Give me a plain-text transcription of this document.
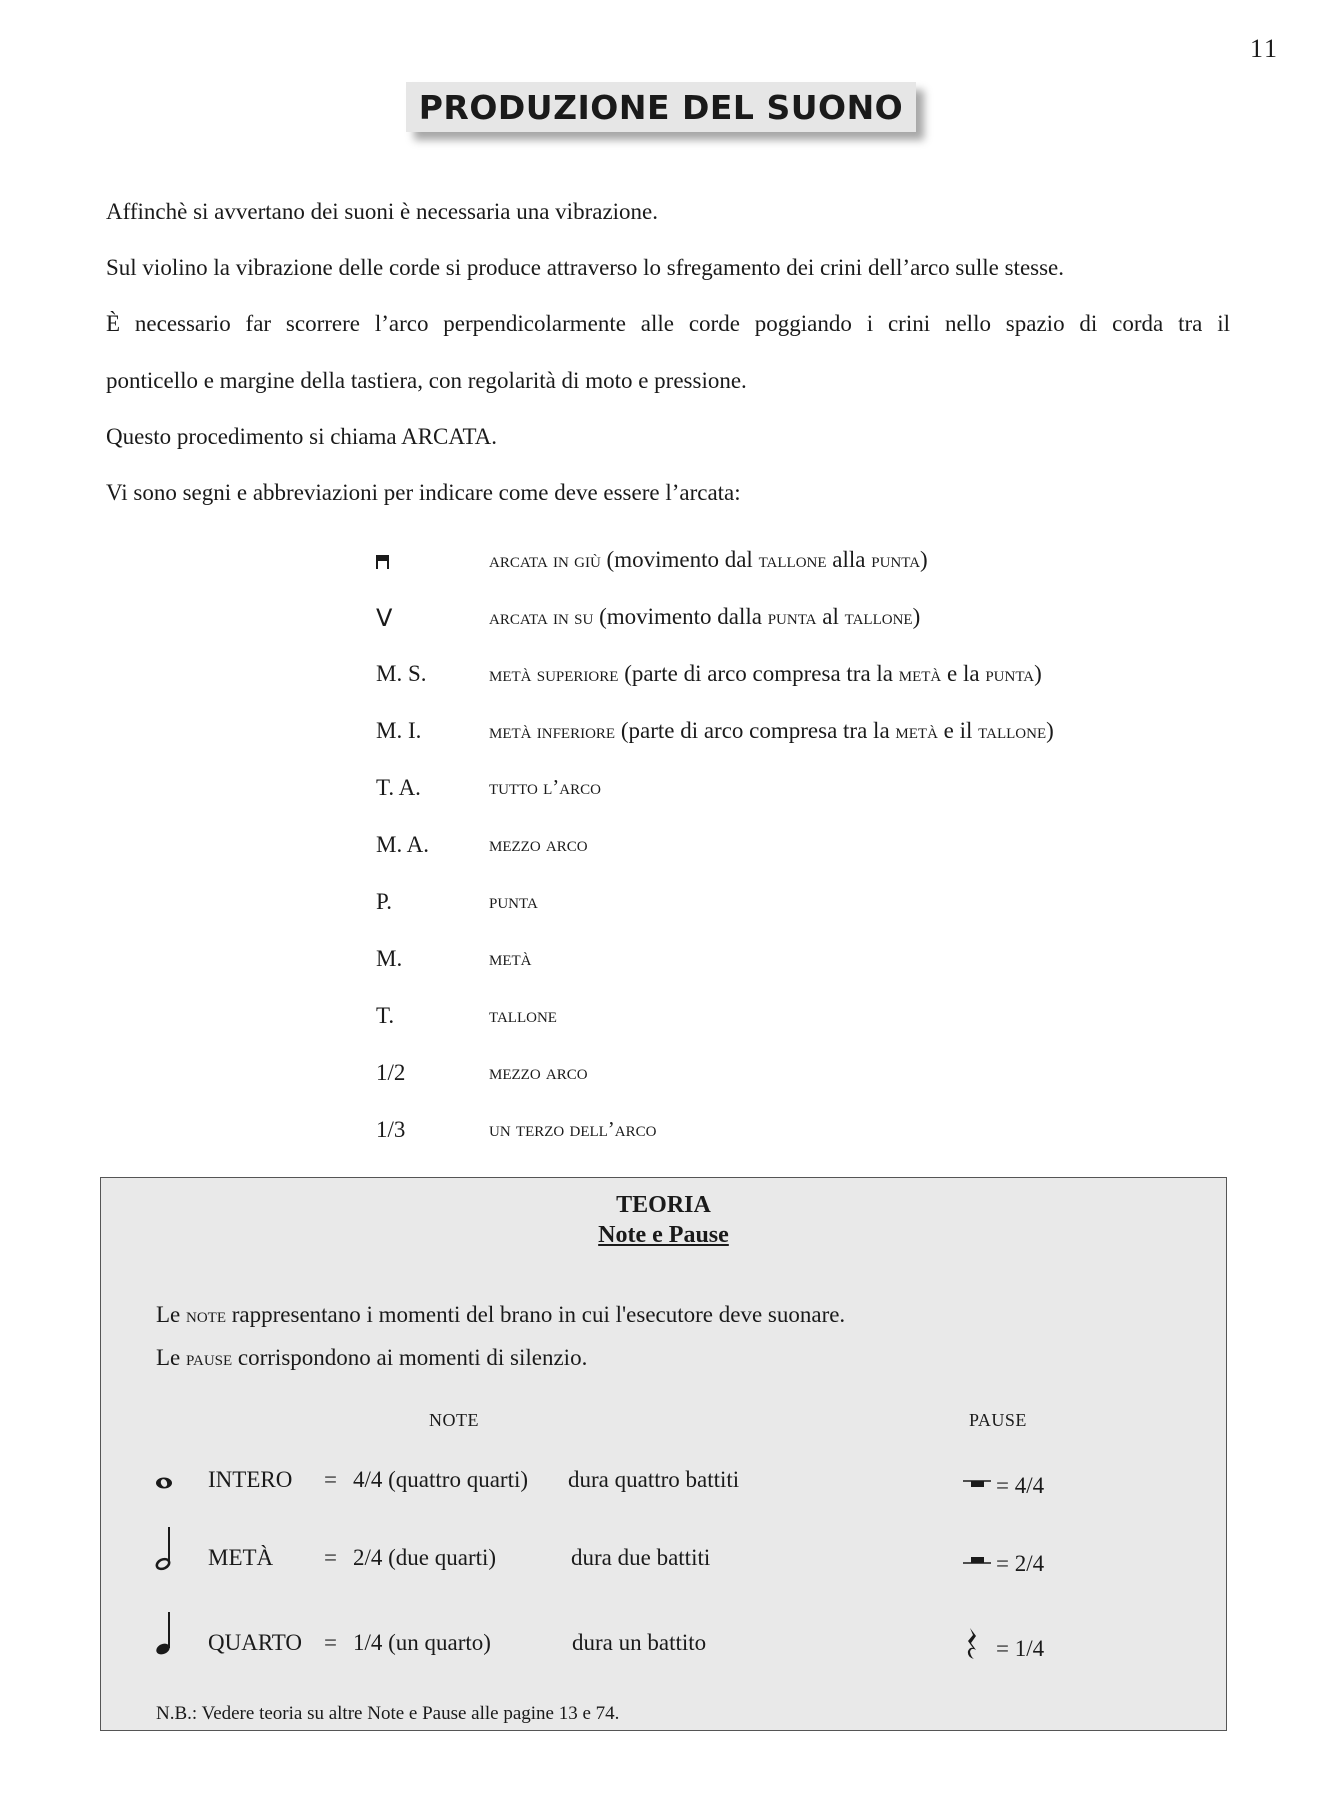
11
PRODUZIONE DEL SUONO
Affinchè si avvertano dei suoni è necessaria una vibrazione.
Sul violino la vibrazione delle corde si produce attraverso lo sfregamento dei crini dell’arco sulle stesse.
È necessario far scorrere l’arco perpendicolarmente alle corde poggiando i crini nello spazio di corda tra il
ponticello e margine della tastiera, con regolarità di moto e pressione.
Questo procedimento si chiama ARCATA.
Vi sono segni e abbreviazioni per indicare come deve essere l’arcata:
arcata in giù (movimento dal tallone alla punta)
V	arcata in su (movimento dalla punta al tallone)
M. S.	metà superiore (parte di arco compresa tra la metà e la punta)
M. I.	metà inferiore (parte di arco compresa tra la metà e il tallone)
T. A.	tutto l’arco
M. A.	mezzo arco
P.	punta
M.	metà
T.	tallone
1/2	mezzo arco
1/3	un terzo dell’arco
TEORIA
Note e Pause
Le note rappresentano i momenti del brano in cui l'esecutore deve suonare.
Le pause corrispondono ai momenti di silenzio.
NOTE	PAUSE
INTERO = 4/4 (quattro quarti) dura quattro battiti	= 4/4
METÀ = 2/4 (due quarti)	dura due battiti	= 2/4
QUARTO = 1/4 (un quarto)	dura un battito	= 1/4
N.B.: Vedere teoria su altre Note e Pause alle pagine 13 e 74.
